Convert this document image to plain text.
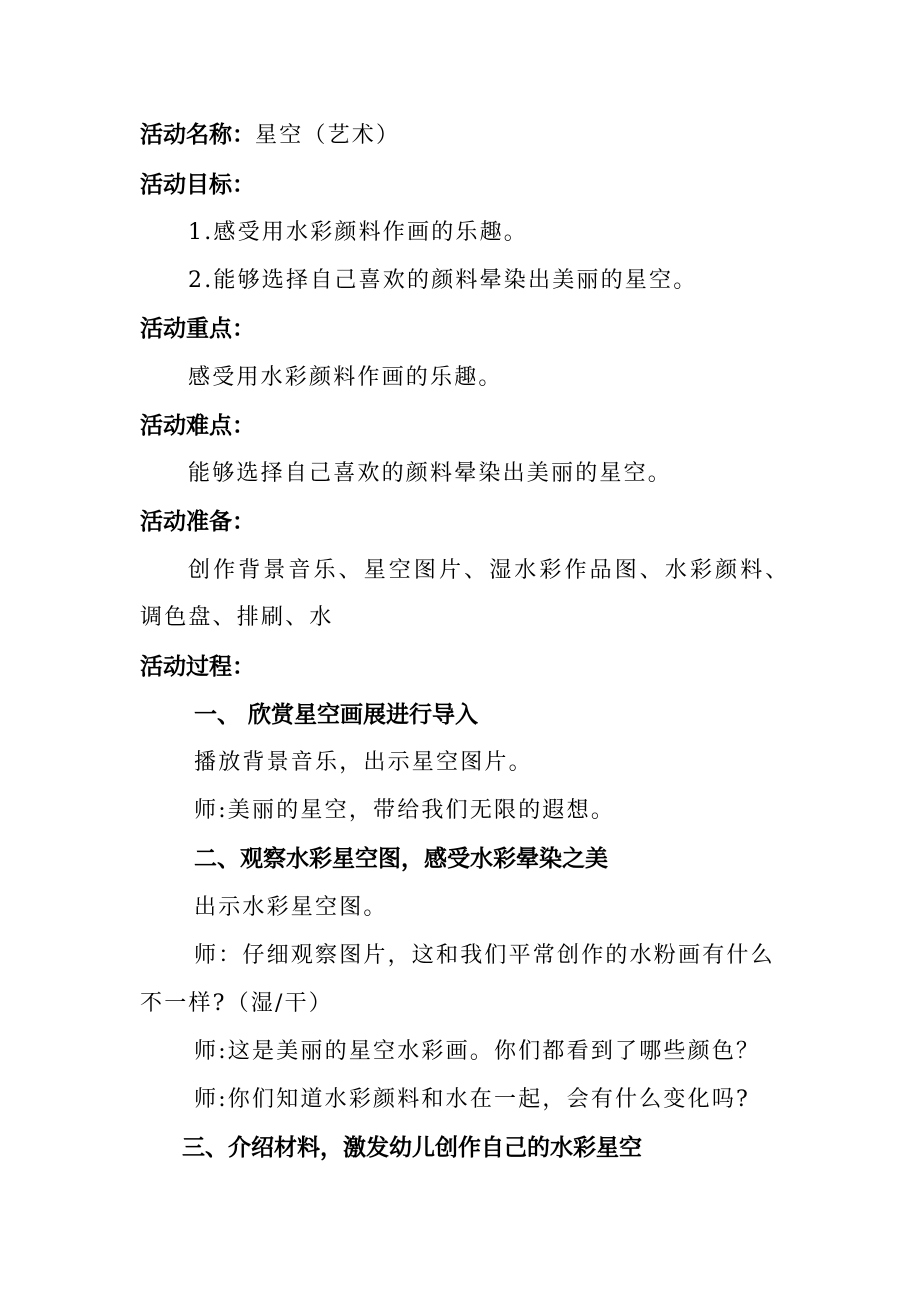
活动名称：星空（艺术）
活动目标：
1.感受用水彩颜料作画的乐趣。
2.能够选择自己喜欢的颜料晕染出美丽的星空。
活动重点：
感受用水彩颜料作画的乐趣。
活动难点：
能够选择自己喜欢的颜料晕染出美丽的星空。
活动准备：
创作背景音乐、星空图片、湿水彩作品图、水彩颜料、
调色盘、排刷、水
活动过程：
一、 欣赏星空画展进行导入
播放背景音乐，出示星空图片。
师:美丽的星空，带给我们无限的遐想。
二、观察水彩星空图，感受水彩晕染之美
出示水彩星空图。
师：仔细观察图片，这和我们平常创作的水粉画有什么
不一样?（湿/干）
师:这是美丽的星空水彩画。你们都看到了哪些颜色？
师:你们知道水彩颜料和水在一起，会有什么变化吗?
三、介绍材料，激发幼儿创作自己的水彩星空
